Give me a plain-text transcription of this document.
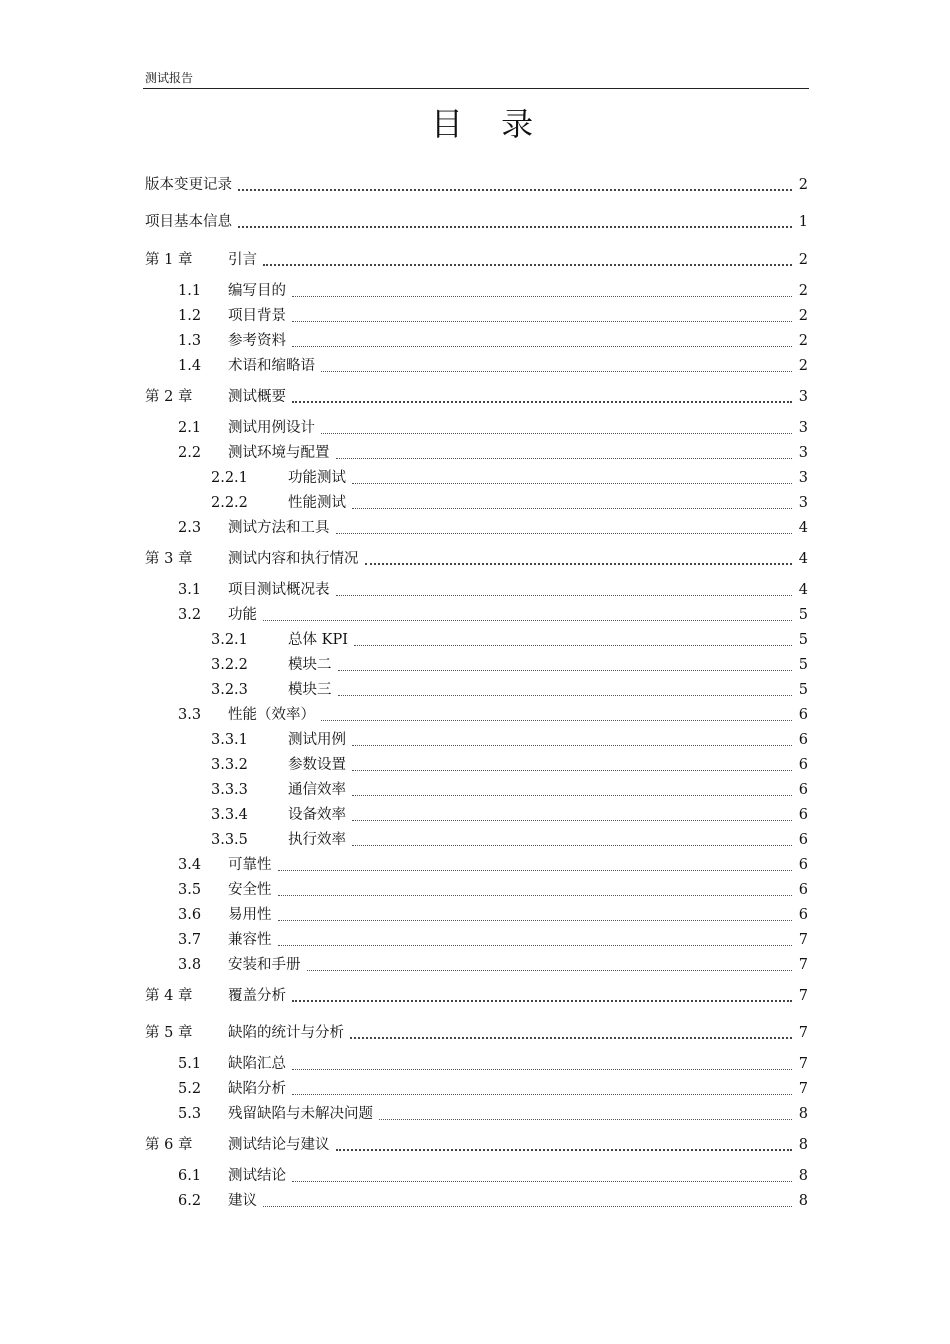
测试报告
目 录
版本变更记录	2
项目基本信息	1
第 1 章 引言	2
1.1 编写目的	2
1.2 项目背景	2
1.3 参考资料	2
1.4 术语和缩略语	2
第 2 章 测试概要	3
2.1 测试用例设计	3
2.2 测试环境与配置	3
2.2.1	功能测试	3
2.2.2	性能测试	3
2.3 测试方法和工具	4
第 3 章 测试内容和执行情况	4
3.1 项目测试概况表	4
3.2 功能	5
3.2.1	总体 KPI	5
3.2.2	模块二	5
3.2.3	模块三	5
3.3 性能（效率）	6
3.3.1	测试用例	6
3.3.2	参数设置	6
3.3.3	通信效率	6
3.3.4	设备效率	6
3.3.5	执行效率	6
3.4 可靠性	6
3.5 安全性	6
3.6 易用性	6
3.7 兼容性	7
3.8 安装和手册	7
第 4 章 覆盖分析	7
第 5 章 缺陷的统计与分析	7
5.1 缺陷汇总	7
5.2 缺陷分析	7
5.3 残留缺陷与未解决问题	8
第 6 章 测试结论与建议	8
6.1 测试结论	8
6.2 建议	8
